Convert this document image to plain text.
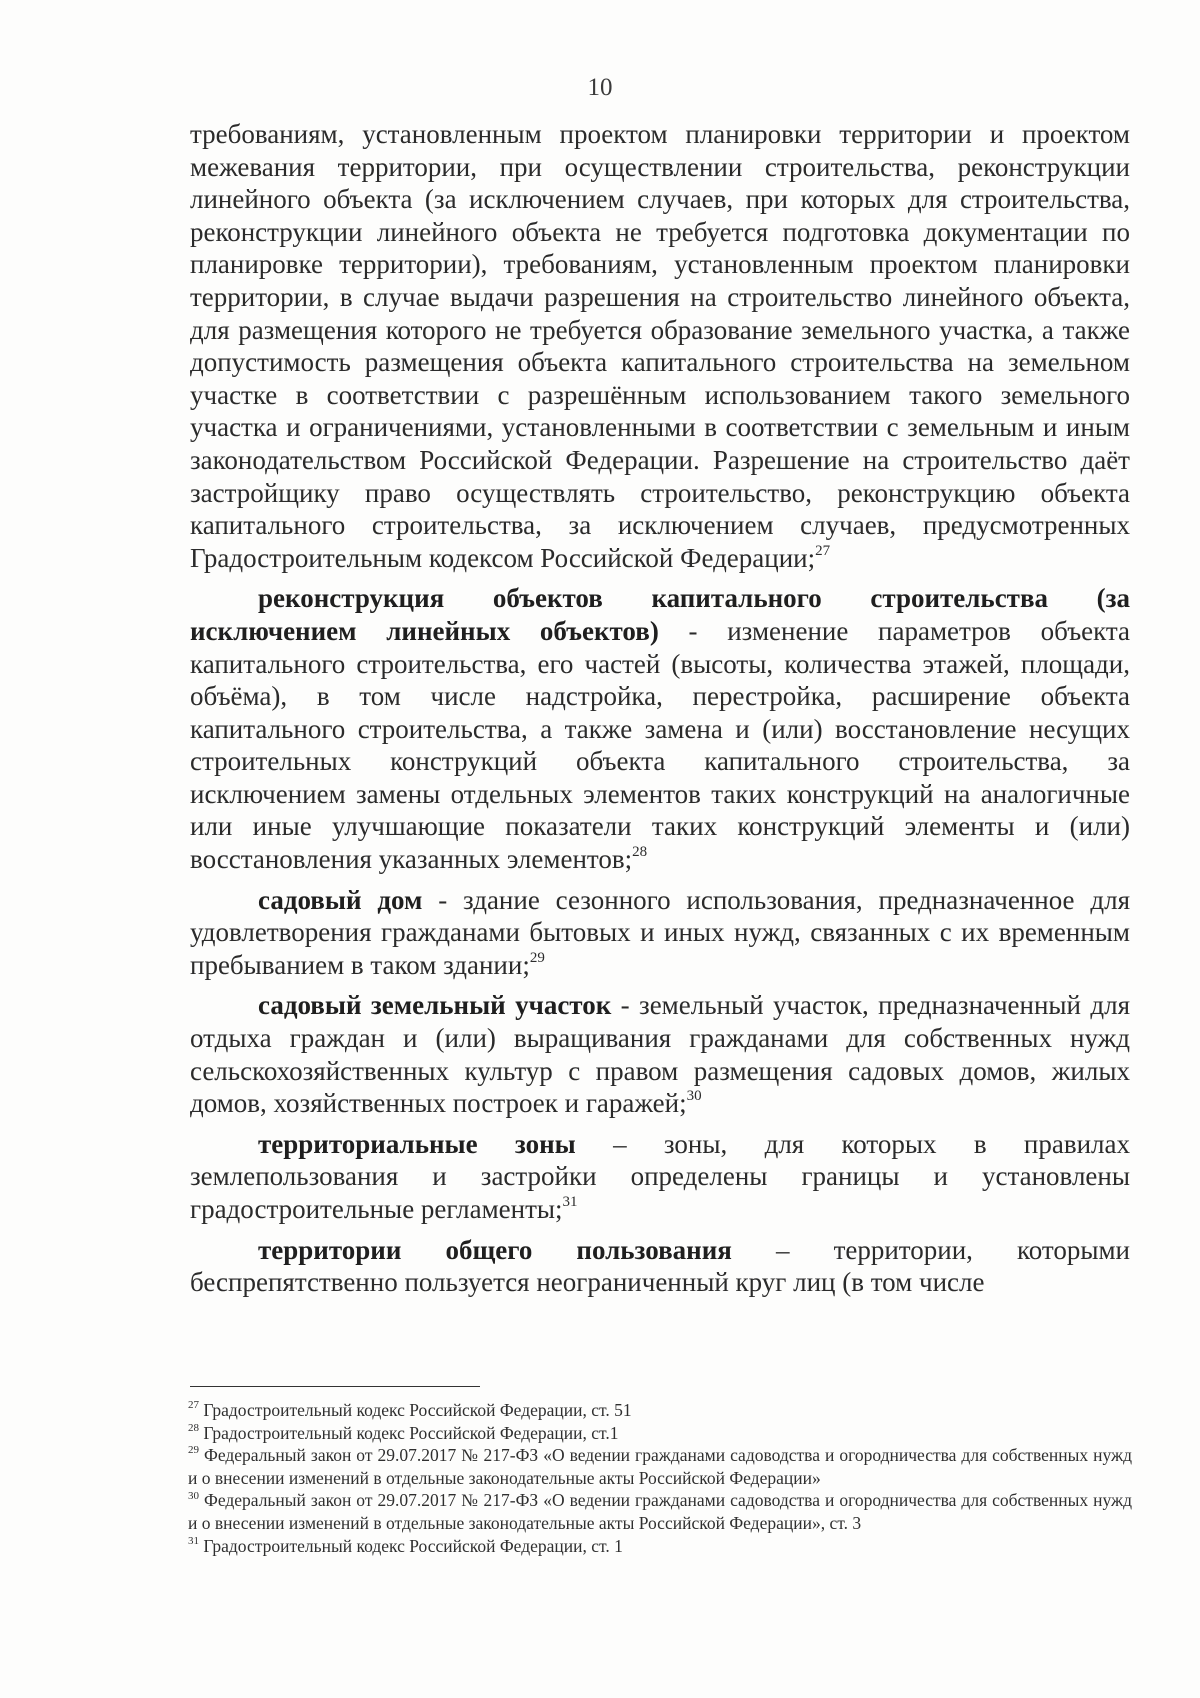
10

требованиям, установленным проектом планировки территории и проектом межевания территории, при осуществлении строительства, реконструкции линейного объекта (за исключением случаев, при которых для строительства, реконструкции линейного объекта не требуется подготовка документации по планировке территории), требованиям, установленным проектом планировки территории, в случае выдачи разрешения на строительство линейного объекта, для размещения которого не требуется образование земельного участка, а также допустимость размещения объекта капитального строительства на земельном участке в соответствии с разрешённым использованием такого земельного участка и ограничениями, установленными в соответствии с земельным и иным законодательством Российской Федерации. Разрешение на строительство даёт застройщику право осуществлять строительство, реконструкцию объекта капитального строительства, за исключением случаев, предусмотренных Градостроительным кодексом Российской Федерации;$^{27}$

реконструкция объектов капитального строительства (за исключением линейных объектов) - изменение параметров объекта капитального строительства, его частей (высоты, количества этажей, площади, объёма), в том числе надстройка, перестройка, расширение объекта капитального строительства, а также замена и (или) восстановление несущих строительных конструкций объекта капитального строительства, за исключением замены отдельных элементов таких конструкций на аналогичные или иные улучшающие показатели таких конструкций элементы и (или) восстановления указанных элементов;$^{28}$

садовый дом - здание сезонного использования, предназначенное для удовлетворения гражданами бытовых и иных нужд, связанных с их временным пребыванием в таком здании;$^{29}$

садовый земельный участок - земельный участок, предназначенный для отдыха граждан и (или) выращивания гражданами для собственных нужд сельскохозяйственных культур с правом размещения садовых домов, жилых домов, хозяйственных построек и гаражей;$^{30}$

территориальные зоны – зоны, для которых в правилах землепользования и застройки определены границы и установлены градостроительные регламенты;$^{31}$

территории общего пользования – территории, которыми беспрепятственно пользуется неограниченный круг лиц (в том числе

$^{27}$ Градостроительный кодекс Российской Федерации, ст. 51

$^{28}$ Градостроительный кодекс Российской Федерации, ст.1

$^{29}$ Федеральный закон от 29.07.2017 № 217-ФЗ «О ведении гражданами садоводства и огородничества для собственных нужд и о внесении изменений в отдельные законодательные акты Российской Федерации»

$^{30}$ Федеральный закон от 29.07.2017 № 217-ФЗ «О ведении гражданами садоводства и огородничества для собственных нужд и о внесении изменений в отдельные законодательные акты Российской Федерации», ст. 3

$^{31}$ Градостроительный кодекс Российской Федерации, ст. 1
